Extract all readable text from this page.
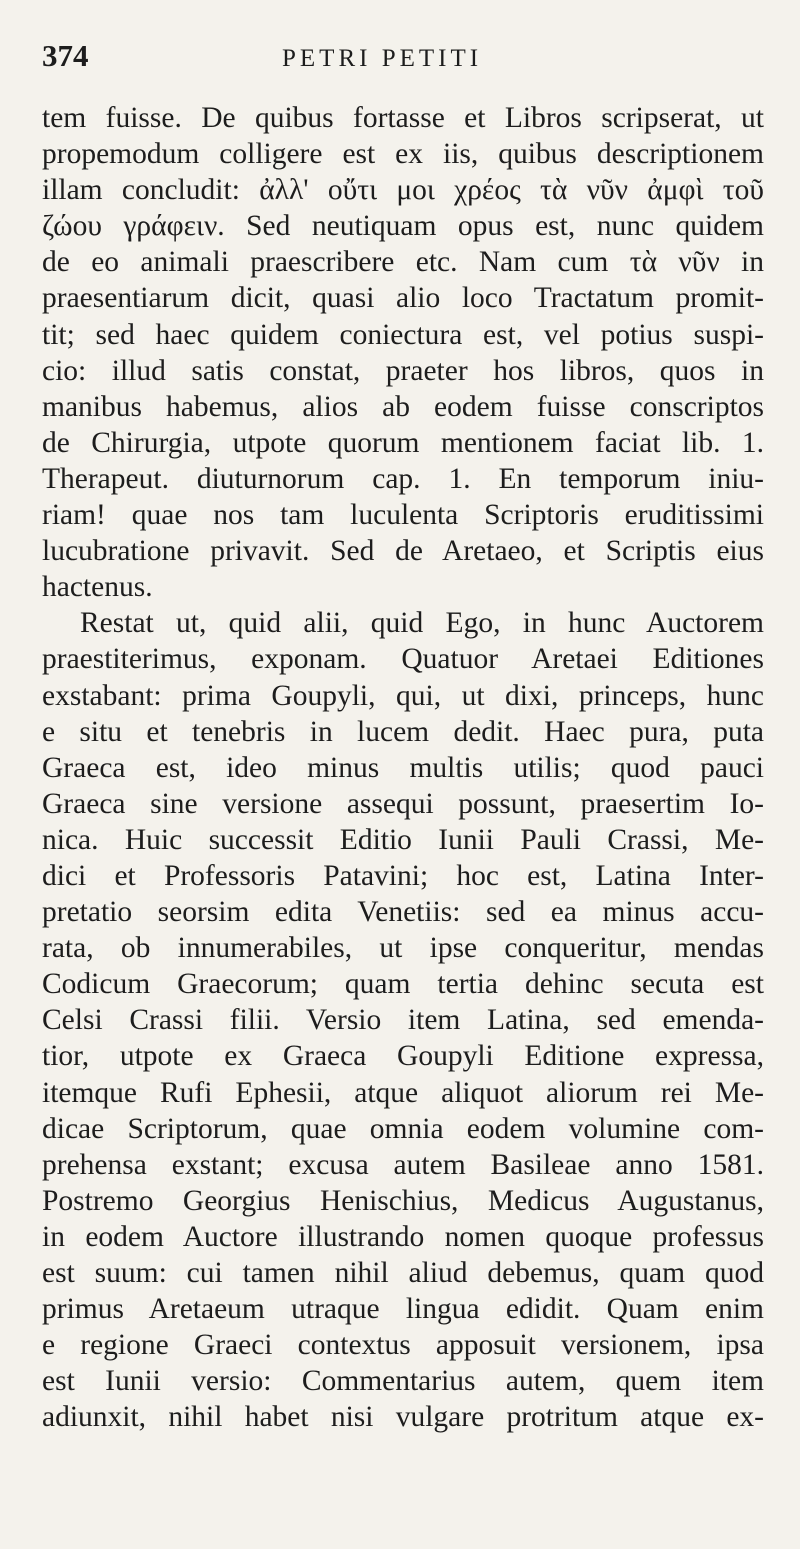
374	PETRI PETITI
tem fuisse. De quibus fortasse et Libros scripserat, ut
propemodum colligere est ex iis, quibus descriptionem
illam concludit: ἀλλ' οὔτι μοι χρέος τὰ νῦν ἀμφὶ τοῦ
ζώου γράφειν. Sed neutiquam opus est, nunc quidem
de eo animali praescribere etc. Nam cum τὰ νῦν in
praesentiarum dicit, quasi alio loco Tractatum promit-
tit; sed haec quidem coniectura est, vel potius suspi-
cio: illud satis constat, praeter hos libros, quos in
manibus habemus, alios ab eodem fuisse conscriptos
de Chirurgia, utpote quorum mentionem faciat lib. 1.
Therapeut. diuturnorum cap. 1. En temporum iniu-
riam! quae nos tam luculenta Scriptoris eruditissimi
lucubratione privavit. Sed de Aretaeo, et Scriptis eius
hactenus.
Restat ut, quid alii, quid Ego, in hunc Auctorem
praestiterimus, exponam. Quatuor Aretaei Editiones
exstabant: prima Goupyli, qui, ut dixi, princeps, hunc
e situ et tenebris in lucem dedit. Haec pura, puta
Graeca est, ideo minus multis utilis; quod pauci
Graeca sine versione assequi possunt, praesertim Io-
nica. Huic successit Editio Iunii Pauli Crassi, Me-
dici et Professoris Patavini; hoc est, Latina Inter-
pretatio seorsim edita Venetiis: sed ea minus accu-
rata, ob innumerabiles, ut ipse conqueritur, mendas
Codicum Graecorum; quam tertia dehinc secuta est
Celsi Crassi filii. Versio item Latina, sed emenda-
tior, utpote ex Graeca Goupyli Editione expressa,
itemque Rufi Ephesii, atque aliquot aliorum rei Me-
dicae Scriptorum, quae omnia eodem volumine com-
prehensa exstant; excusa autem Basileae anno 1581.
Postremo Georgius Henischius, Medicus Augustanus,
in eodem Auctore illustrando nomen quoque professus
est suum: cui tamen nihil aliud debemus, quam quod
primus Aretaeum utraque lingua edidit. Quam enim
e regione Graeci contextus apposuit versionem, ipsa
est Iunii versio: Commentarius autem, quem item
adiunxit, nihil habet nisi vulgare protritum atque ex-
